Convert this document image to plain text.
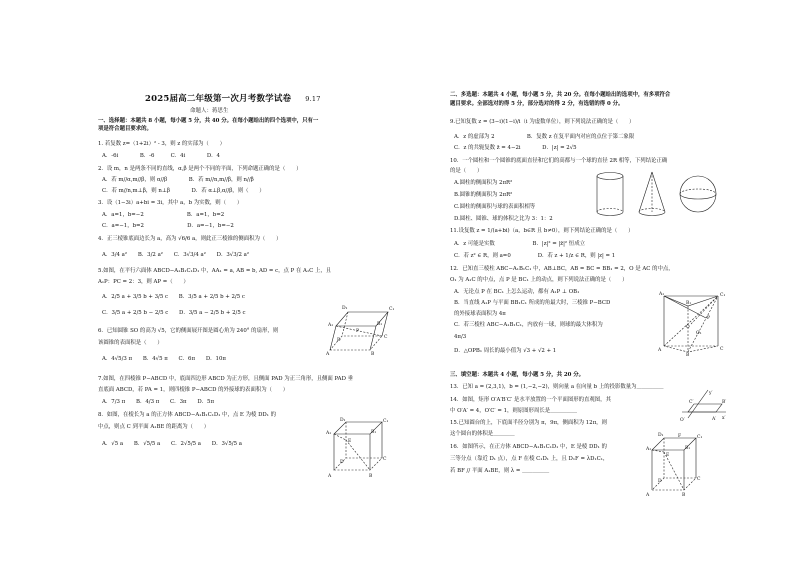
2025届高二年级第一次月考数学试卷 9.17
命题人：蒋思生
一、选择题：本题共 8 小题，每小题 5 分，共 40 分。在每小题给出的四个选项中，只有一
项是符合题目要求的。
1. 若复数 z=（1+2i）² - 3，则 z 的实部为（　　）
A．-6i　　　　B．-6　　　C．4i　　　　D．4
2．设 m，n 是两条不同的直线，α,β 是两个不同的平面，下列命题正确的是（　　）
A．若 m//α,m//β，则 α//β　　　　B．若 m//n,m//β，则 n//β
C．若 m//n,m⊥β，则 n⊥β　　　　D．若 α⊥β,α//β，则（　　）
3．设（1−3i）a+bi = 3i，其中 a，b 为实数，则（　　）
A．a=1，b=−2　　　　　　　　B．a=1，b=2
C．a=−1，b=2　　　　　　　　D．a=−1，b=−2
4．正三棱锥底面边长为 a，高为 √6/6 a，则此正三棱锥的侧面积为（　　）
A．3/4 a²　　B．3/2 a²　　C．3√3/4 a²　　D．3√3/2 a²
5.如图，在平行六面体 ABCD−A₁B₁C₁D₁ 中，AA₁ = a, AB = b, AD = c，点 P 在 A₁C 上，且
A₁P：PC = 2：3，则 AP =（　　）
A．2/5 a + 3/5 b + 3/5 c　　B．3/5 a + 2/5 b + 2/5 c
C．3/5 a + 2/5 b − 2/5 c　　D．3/5 a − 2/5 b + 2/5 c
6．已知圆锥 SO 的高为 √5，它的侧面展开图是圆心角为 240° 的扇形，则
该圆锥的表面积是（　　）
A．4√5/3 π　　B．4√5 π　　C．6π　　D．10π
7.如图，在四棱锥 P−ABCD 中，底面四边形 ABCD 为正方形，且侧面 PAD 为正三角形，且侧面 PAD 垂
直底面 ABCD，若 PA = 1，则四棱锥 P−ABCD 的外接球的表面积为（　　）
A．7/3 π　　B．4/3 π　　C．3π　　D．5π
8．如图，在棱长为 a 的正方体 ABCD−A₁B₁C₁D₁ 中，点 E 为棱 DD₁ 的
中点，则点 C 到平面 A₁BE 的距离为（　　）
A．√5 a　　B．√5/5 a　　C．2√5/5 a　　D．3√5/5 a
D₁	C₁
A₁	B₁
P
D
C
A	B
D₁	C₁
A₁	B₁
E
D
C
A	B
二、多选题：本题共 4 小题，每小题 5 分，共 20 分。在每小题给出的选项中，有多项符合
题目要求。全部选对的得 5 分，部分选对的得 2 分，有选错的得 0 分。
9.已知复数 z = (3−i)(1−i)/i（i 为虚数单位），则下列说法正确的是（　　）
A．z 的虚部为 2　　　　　　B．复数 z 在复平面内对应的点位于第二象限
C．z 的共轭复数 z̄ = 4−2i　　　　D．|z| = 2√5
10．一个圆柱和一个圆锥的底面直径和它们的高都与一个球的直径 2R 相等，下列结论正确
的是（　　）
A.圆柱的侧面积为 2πR²
B.圆锥的侧面积为 2πR²
C.圆柱的侧面积与球的表面积相等
D.圆柱、圆锥、球的体积之比为 3：1：2
11.设复数 z = 1/(a+bi)（a，b∈R 且 b≠0），则下列结论正确的是（　　）
A．z 可能是实数　　　　　　　B．|z|² = |z̄|² 恒成立
C．若 z² ∈ R，则 a=0　　　　　D．若 z + 1/z ∈ R，则 |z| = 1
12．已知直三棱柱 ABC−A₁B₁C₁ 中，AB⊥BC，AB = BC = BB₁ = 2，O 是 AC 的中点，
O₁ 为 A₁C 的中点，点 P 是 BC₁ 上的动点，则下列说法正确的是（　　）
A．无论点 P 在 BC₁ 上怎么运动，都有 A₁P ⊥ OB₁
B．当直线 A₁P 与平面 BB₁C₁ 所成的角最大时，三棱锥 P−BCD
的外接球表面积为 4π
C．若三棱柱 ABC−A₁B₁C₁，内放有一球，则球的最大体积为
4π/3
D．△OPB₁ 周长的最小值为 √3 + √2 + 1
A₁	C₁
B₁
P
O
O₁
A	C
B
三、填空题：本题共 4 小题，每小题 5 分，共 20 分。
13．已知 a = (2,3,1)，b = (1,−2,−2)，则向量 a 在向量 b 上的投影数量为＿＿＿＿＿
14．如图，矩形 O′A′B′C′ 是水平放置的一个平面图形的直观图，其
中 O′A′ = 4，O′C′ = 1，则原图形周长是＿＿＿＿＿
15.已知圆台的上，下底面半径分别为 π，9π，侧面积为 12π，则
这个圆台的体积是＿＿＿＿
16．如图所示，在正方体 ABCD−A₁B₁C₁D₁ 中，E 是棱 DD₁ 的
三等分点（靠近 D₁ 点），点 F 在棱 C₁D₁ 上，且 D₁F = λD₁C₁，
若 BF // 平面 A₁BE，则 λ = ＿＿＿＿＿
y′
C′	B′
O′	A′ x′
D₁	C₁
A₁	B₁
E
F
D	C
A	B
